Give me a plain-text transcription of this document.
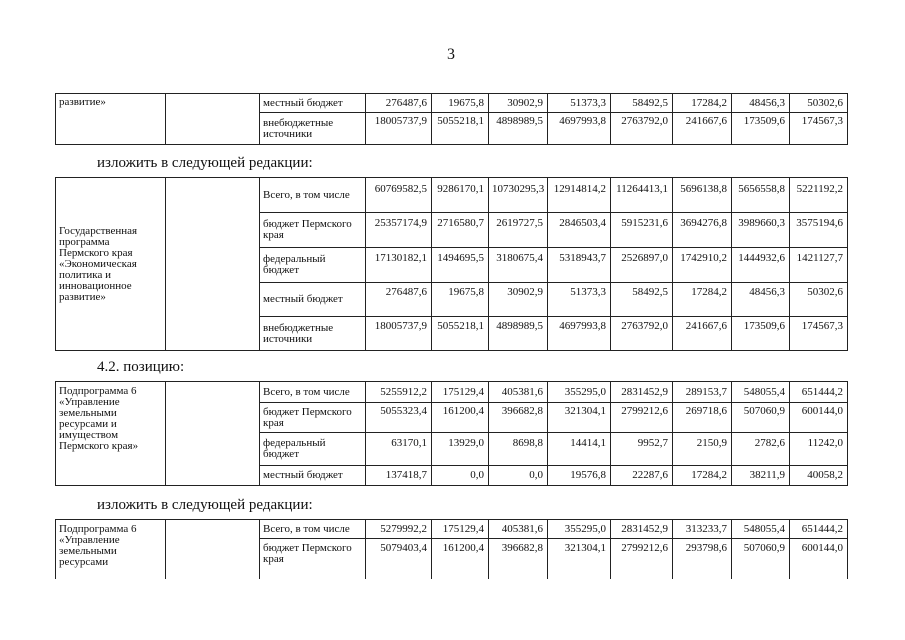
3
развитие»		местный бюджет	276487,6	19675,8	30902,9	51373,3	58492,5	17284,2	48456,3	50302,6
		внебюджетные источники	18005737,9	5055218,1	4898989,5	4697993,8	2763792,0	241667,6	173509,6	174567,3
изложить в следующей редакции:
Государственная программа Пермского края «Экономическая политика и инновационное развитие»		Всего, в том числе	60769582,5	9286170,1	10730295,3	12914814,2	11264413,1	5696138,8	5656558,8	5221192,2
		бюджет Пермского края	25357174,9	2716580,7	2619727,5	2846503,4	5915231,6	3694276,8	3989660,3	3575194,6
		федеральный бюджет	17130182,1	1494695,5	3180675,4	5318943,7	2526897,0	1742910,2	1444932,6	1421127,7
		местный бюджет	276487,6	19675,8	30902,9	51373,3	58492,5	17284,2	48456,3	50302,6
		внебюджетные источники	18005737,9	5055218,1	4898989,5	4697993,8	2763792,0	241667,6	173509,6	174567,3
4.2. позицию:
Подпрограмма 6 «Управление земельными ресурсами и имуществом Пермского края»		Всего, в том числе	5255912,2	175129,4	405381,6	355295,0	2831452,9	289153,7	548055,4	651444,2
		бюджет Пермского края	5055323,4	161200,4	396682,8	321304,1	2799212,6	269718,6	507060,9	600144,0
		федеральный бюджет	63170,1	13929,0	8698,8	14414,1	9952,7	2150,9	2782,6	11242,0
		местный бюджет	137418,7	0,0	0,0	19576,8	22287,6	17284,2	38211,9	40058,2
изложить в следующей редакции:
Подпрограмма 6 «Управление земельными ресурсами		Всего, в том числе	5279992,2	175129,4	405381,6	355295,0	2831452,9	313233,7	548055,4	651444,2
		бюджет Пермского края	5079403,4	161200,4	396682,8	321304,1	2799212,6	293798,6	507060,9	600144,0
